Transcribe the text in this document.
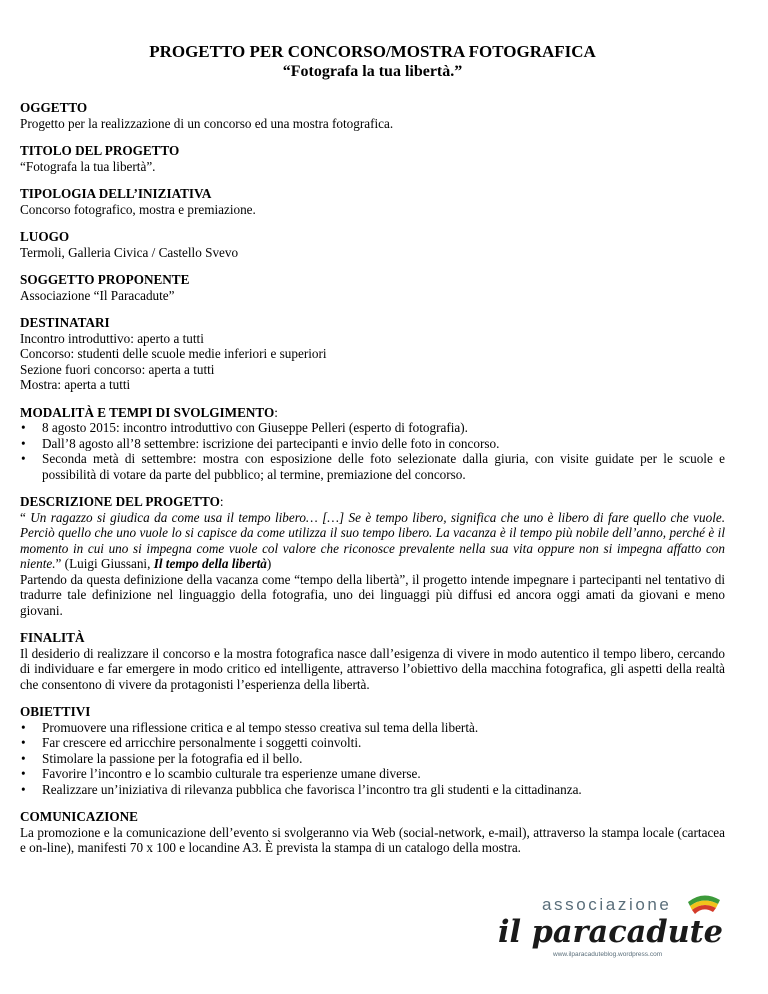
PROGETTO PER CONCORSO/MOSTRA FOTOGRAFICA

“Fotografa la tua libertà.”

OGGETTO

Progetto per la realizzazione di un concorso ed una mostra fotografica.

TITOLO DEL PROGETTO

“Fotografa la tua libertà”.

TIPOLOGIA DELL’INIZIATIVA

Concorso fotografico, mostra e premiazione.

LUOGO

Termoli, Galleria Civica / Castello Svevo

SOGGETTO PROPONENTE

Associazione “Il Paracadute”

DESTINATARI

Incontro introduttivo: aperto a tutti

Concorso: studenti delle scuole medie inferiori e superiori

Sezione fuori concorso: aperta a tutti

Mostra: aperta a tutti

MODALITÀ E TEMPI DI SVOLGIMENTO:

• 8 agosto 2015: incontro introduttivo con Giuseppe Pelleri (esperto di fotografia).
• Dall’8 agosto all’8 settembre: iscrizione dei partecipanti e invio delle foto in concorso.
• Seconda metà di settembre: mostra con esposizione delle foto selezionate dalla giuria, con visite guidate per le scuole e possibilità di votare da parte del pubblico; al termine, premiazione del concorso.

DESCRIZIONE DEL PROGETTO:

“ Un ragazzo si giudica da come usa il tempo libero… […] Se è tempo libero, significa che uno è libero di fare quello che vuole. Perciò quello che uno vuole lo si capisce da come utilizza il suo tempo libero. La vacanza è il tempo più nobile dell’anno, perché è il momento in cui uno si impegna come vuole col valore che riconosce prevalente nella sua vita oppure non si impegna affatto con niente.” (Luigi Giussani, Il tempo della libertà)

Partendo da questa definizione della vacanza come “tempo della libertà”, il progetto intende impegnare i partecipanti nel tentativo di tradurre tale definizione nel linguaggio della fotografia, uno dei linguaggi più diffusi ed ancora oggi amati da giovani e meno giovani.

FINALITÀ

Il desiderio di realizzare il concorso e la mostra fotografica nasce dall’esigenza di vivere in modo autentico il tempo libero, cercando di individuare e far emergere in modo critico ed intelligente, attraverso l’obiettivo della macchina fotografica, gli aspetti della realtà che consentono di vivere da protagonisti l’esperienza della libertà.

OBIETTIVI

• Promuovere una riflessione critica e al tempo stesso creativa sul tema della libertà.
• Far crescere ed arricchire personalmente i soggetti coinvolti.
• Stimolare la passione per la fotografia ed il bello.
• Favorire l’incontro e lo scambio culturale tra esperienze umane diverse.
• Realizzare un’iniziativa di rilevanza pubblica che favorisca l’incontro tra gli studenti e la cittadinanza.

COMUNICAZIONE

La promozione e la comunicazione dell’evento si svolgeranno via Web (social-network, e-mail), attraverso la stampa locale (cartacea e on-line), manifesti 70 x 100 e locandine A3. È prevista la stampa di un catalogo della mostra.

associazione
il paracadute
www.ilparacaduteblog.wordpress.com
